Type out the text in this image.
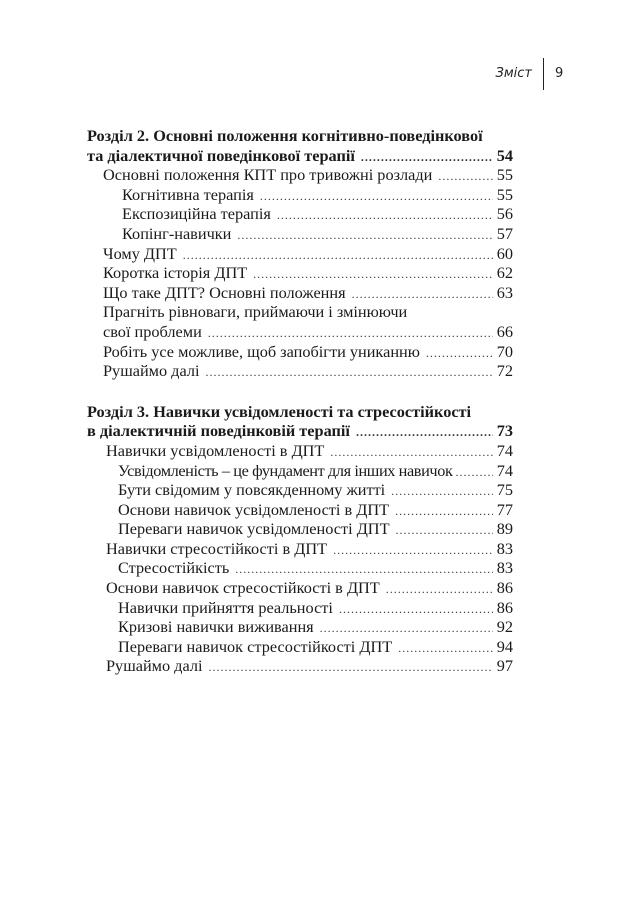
Зміст 9
Розділ 2. Основні положення когнітивно-поведінкової
та діалектичної поведінкової терапії .....	54
Основні положення КПТ про тривожні розлади .....	55
Когнітивна терапія .....	55
Експозиційна терапія .....	56
Копінг-навички .....	57
Чому ДПТ .....	60
Коротка історія ДПТ .....	62
Що таке ДПТ? Основні положення .....	63
Прагніть рівноваги, приймаючи і змінюючи
свої проблеми .....	66
Робіть усе можливе, щоб запобігти униканню .....	70
Рушаймо далі .....	72
Розділ 3. Навички усвідомленості та стресостійкості
в діалектичній поведінковій терапії .....	73
Навички усвідомленості в ДПТ .....	74
Усвідомленість – це фундамент для інших навичок .....	74
Бути свідомим у повсякденному житті .....	75
Основи навичок усвідомленості в ДПТ .....	77
Переваги навичок усвідомленості ДПТ .....	89
Навички стресостійкості в ДПТ .....	83
Стресостійкість .....	83
Основи навичок стресостійкості в ДПТ .....	86
Навички прийняття реальності .....	86
Кризові навички виживання .....	92
Переваги навичок стресостійкості ДПТ .....	94
Рушаймо далі .....	97
